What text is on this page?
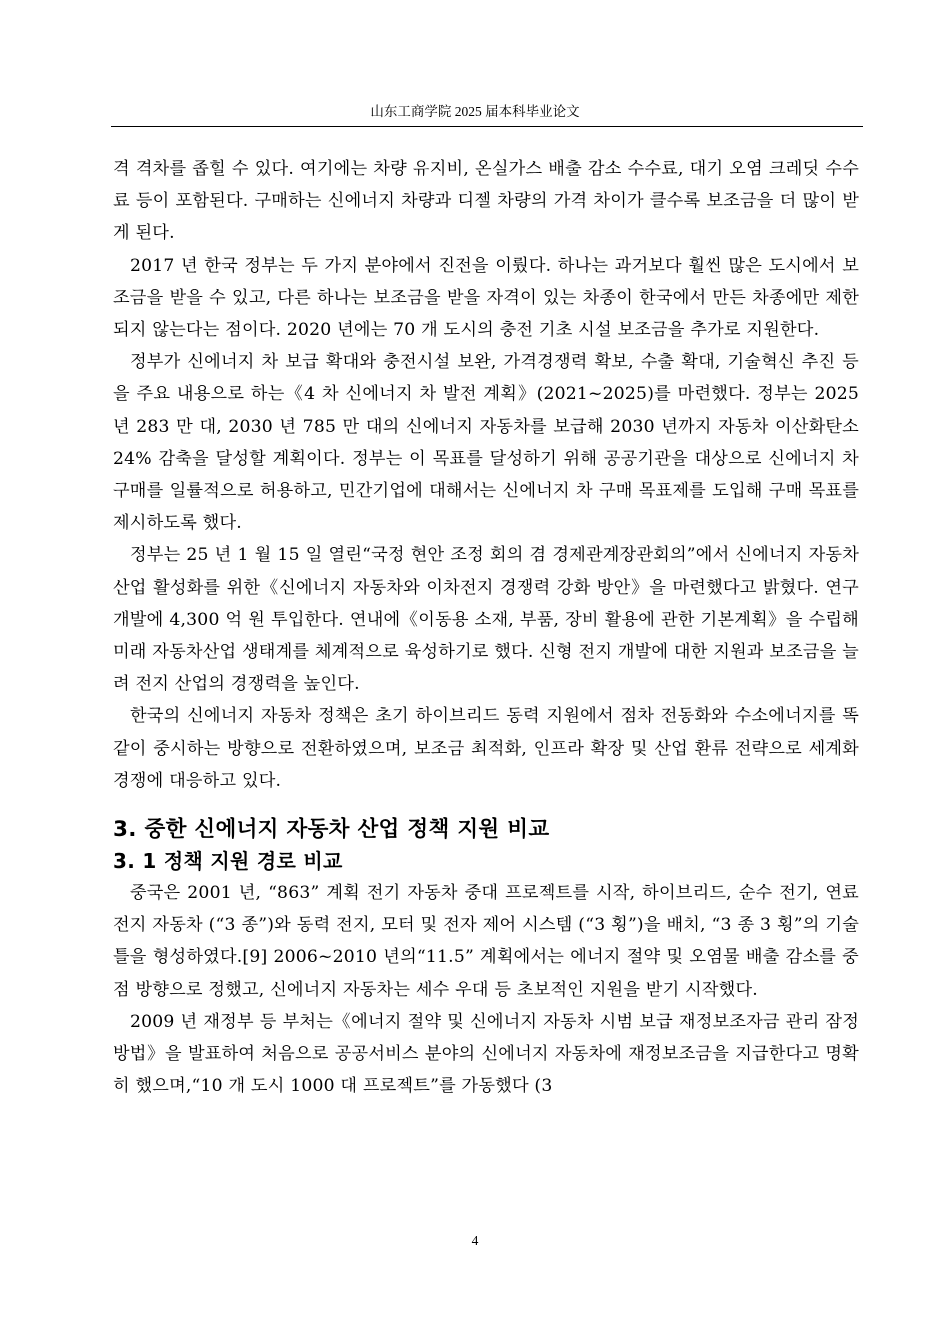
山东工商学院 2025 届本科毕业论文

격 격차를 좁힐 수 있다. 여기에는 차량 유지비, 온실가스 배출 감소 수수료, 대기 오염 크레딧 수수료 등이 포함된다. 구매하는 신에너지 차량과 디젤 차량의 가격 차이가 클수록 보조금을 더 많이 받게 된다.

2017 년 한국 정부는 두 가지 분야에서 진전을 이뤘다. 하나는 과거보다 훨씬 많은 도시에서 보조금을 받을 수 있고, 다른 하나는 보조금을 받을 자격이 있는 차종이 한국에서 만든 차종에만 제한되지 않는다는 점이다. 2020 년에는 70 개 도시의 충전 기초 시설 보조금을 추가로 지원한다.

정부가 신에너지 차 보급 확대와 충전시설 보완, 가격경쟁력 확보, 수출 확대, 기술혁신 추진 등을 주요 내용으로 하는《4 차 신에너지 차 발전 계획》(2021~2025)를 마련했다. 정부는 2025 년 283 만 대, 2030 년 785 만 대의 신에너지 자동차를 보급해 2030 년까지 자동차 이산화탄소 24% 감축을 달성할 계획이다. 정부는 이 목표를 달성하기 위해 공공기관을 대상으로 신에너지 차 구매를 일률적으로 허용하고, 민간기업에 대해서는 신에너지 차 구매 목표제를 도입해 구매 목표를 제시하도록 했다.

정부는 25 년 1 월 15 일 열린“국정 현안 조정 회의 겸 경제관계장관회의”에서 신에너지 자동차 산업 활성화를 위한《신에너지 자동차와 이차전지 경쟁력 강화 방안》을 마련했다고 밝혔다. 연구개발에 4,300 억 원 투입한다. 연내에《이동용 소재, 부품, 장비 활용에 관한 기본계획》을 수립해 미래 자동차산업 생태계를 체계적으로 육성하기로 했다. 신형 전지 개발에 대한 지원과 보조금을 늘려 전지 산업의 경쟁력을 높인다.

한국의 신에너지 자동차 정책은 초기 하이브리드 동력 지원에서 점차 전동화와 수소에너지를 똑같이 중시하는 방향으로 전환하였으며, 보조금 최적화, 인프라 확장 및 산업 환류 전략으로 세계화 경쟁에 대응하고 있다.

3. 중한 신에너지 자동차 산업 정책 지원 비교
3. 1 정책 지원 경로 비교

중국은 2001 년, “863” 계획 전기 자동차 중대 프로젝트를 시작, 하이브리드, 순수 전기, 연료 전지 자동차 (“3 종”)와 동력 전지, 모터 및 전자 제어 시스템 (“3 횡”)을 배치, “3 종 3 횡”의 기술 틀을 형성하였다.[9] 2006~2010 년의“11.5” 계획에서는 에너지 절약 및 오염물 배출 감소를 중점 방향으로 정했고, 신에너지 자동차는 세수 우대 등 초보적인 지원을 받기 시작했다.

2009 년 재정부 등 부처는《에너지 절약 및 신에너지 자동차 시범 보급 재정보조자금 관리 잠정방법》을 발표하여 처음으로 공공서비스 분야의 신에너지 자동차에 재정보조금을 지급한다고 명확히 했으며,“10 개 도시 1000 대 프로젝트”를 가동했다 (3

4
